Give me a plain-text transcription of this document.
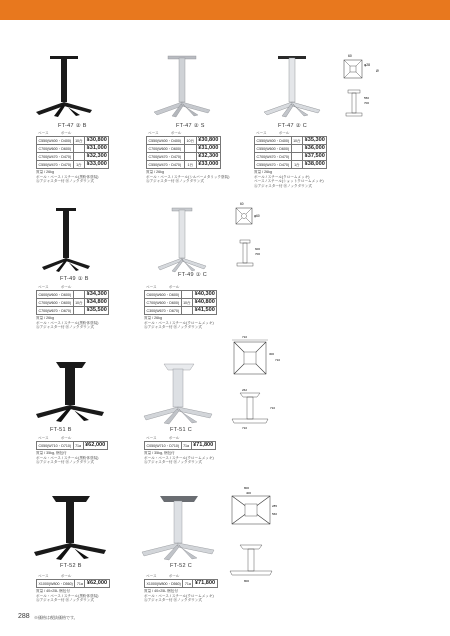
FT-47 ② B
ベース	ポール
C550(W400・D400)	10台	¥30,800
C700(W600・D600)		¥31,000
C700(W470・D470)		¥32,300
C550(W470・D470)	1台	¥33,000
質量 / 26kg
ポール・ベース / スチール(黒粉体塗装)
Ⓐアジャスター付 Ⓑノックダウン式
FT-47 ② S
ベース	ポール
C550(W400・D400)	10台	¥30,800
C700(W600・D600)		¥31,000
C700(W470・D470)		¥32,300
C550(W470・D470)	1台	¥33,000
質量 / 26kg
ポール・ベース / スチール(シルバーメタリック塗装)
Ⓐアジャスター付 Ⓑノックダウン式
FT-47 ② C
ベース	ポール
C550(W400・D400)	10台	¥35,300
C550(W600・D600)		¥36,000
C700(W470・D470)		¥37,500
C550(W470・D470)	1台	¥38,000
質量 / 26kg
ポール / スチール(クロームメッキ)
ベース / スチール(ショットクロームメッキ)
Ⓐアジャスター付 Ⓑノックダウン式
60
φ28
Ø
550
700
FT-49 ① B
ベース	ポール
C600(W600・D600)		¥34,300
C700(W600・D600)	10台	¥34,800
C700(W670・D670)		¥35,500
質量 / 26kg
ポール・ベース / スチール(黒粉体塗装)
Ⓐアジャスター付 Ⓑノックダウン式
FT-49 ① C
ベース	ポール
C600(W600・D600)		¥40,300
C700(W600・D600)	10台	¥40,800
C300(W670・D670)		¥41,500
質量 / 26kg
ポール・ベース / スチール(クロームメッキ)
Ⓐアジャスター付 Ⓑノックダウン式
60
φ60
600
700
FT-51 B
ベース	ポール
C050(W710・D710)	71a	¥62,000
質量 / 35kg, 梱包付
ポール・ベース / スチール(黒粉体塗装)
Ⓐアジャスター付 Ⓑノックダウン式
FT-51 C
ベース	ポール
C050(W710・D710)	71a	¥71,800
質量 / 35kg, 梱包付
ポール・ベース / スチール(クロームメッキ)
Ⓐアジャスター付 Ⓑノックダウン式
710
300
710
262
710
710
FT-52 B
ベース	ポール
X1000(W800・D560)	71a	¥62,000
質量 / 40×25L 梱包付
ポール・ベース / スチール(黒粉体塗装)
Ⓐアジャスター付 Ⓑノックダウン式
FT-52 C
ベース	ポール
X1000(W800・D560)	71a	¥71,800
質量 / 40×25L 梱包付
ポール・ベース / スチール(クロームメッキ)
Ⓐアジャスター付 Ⓑノックダウン式
800
400
285
560
800
288 ※価格は税抜価格です。
